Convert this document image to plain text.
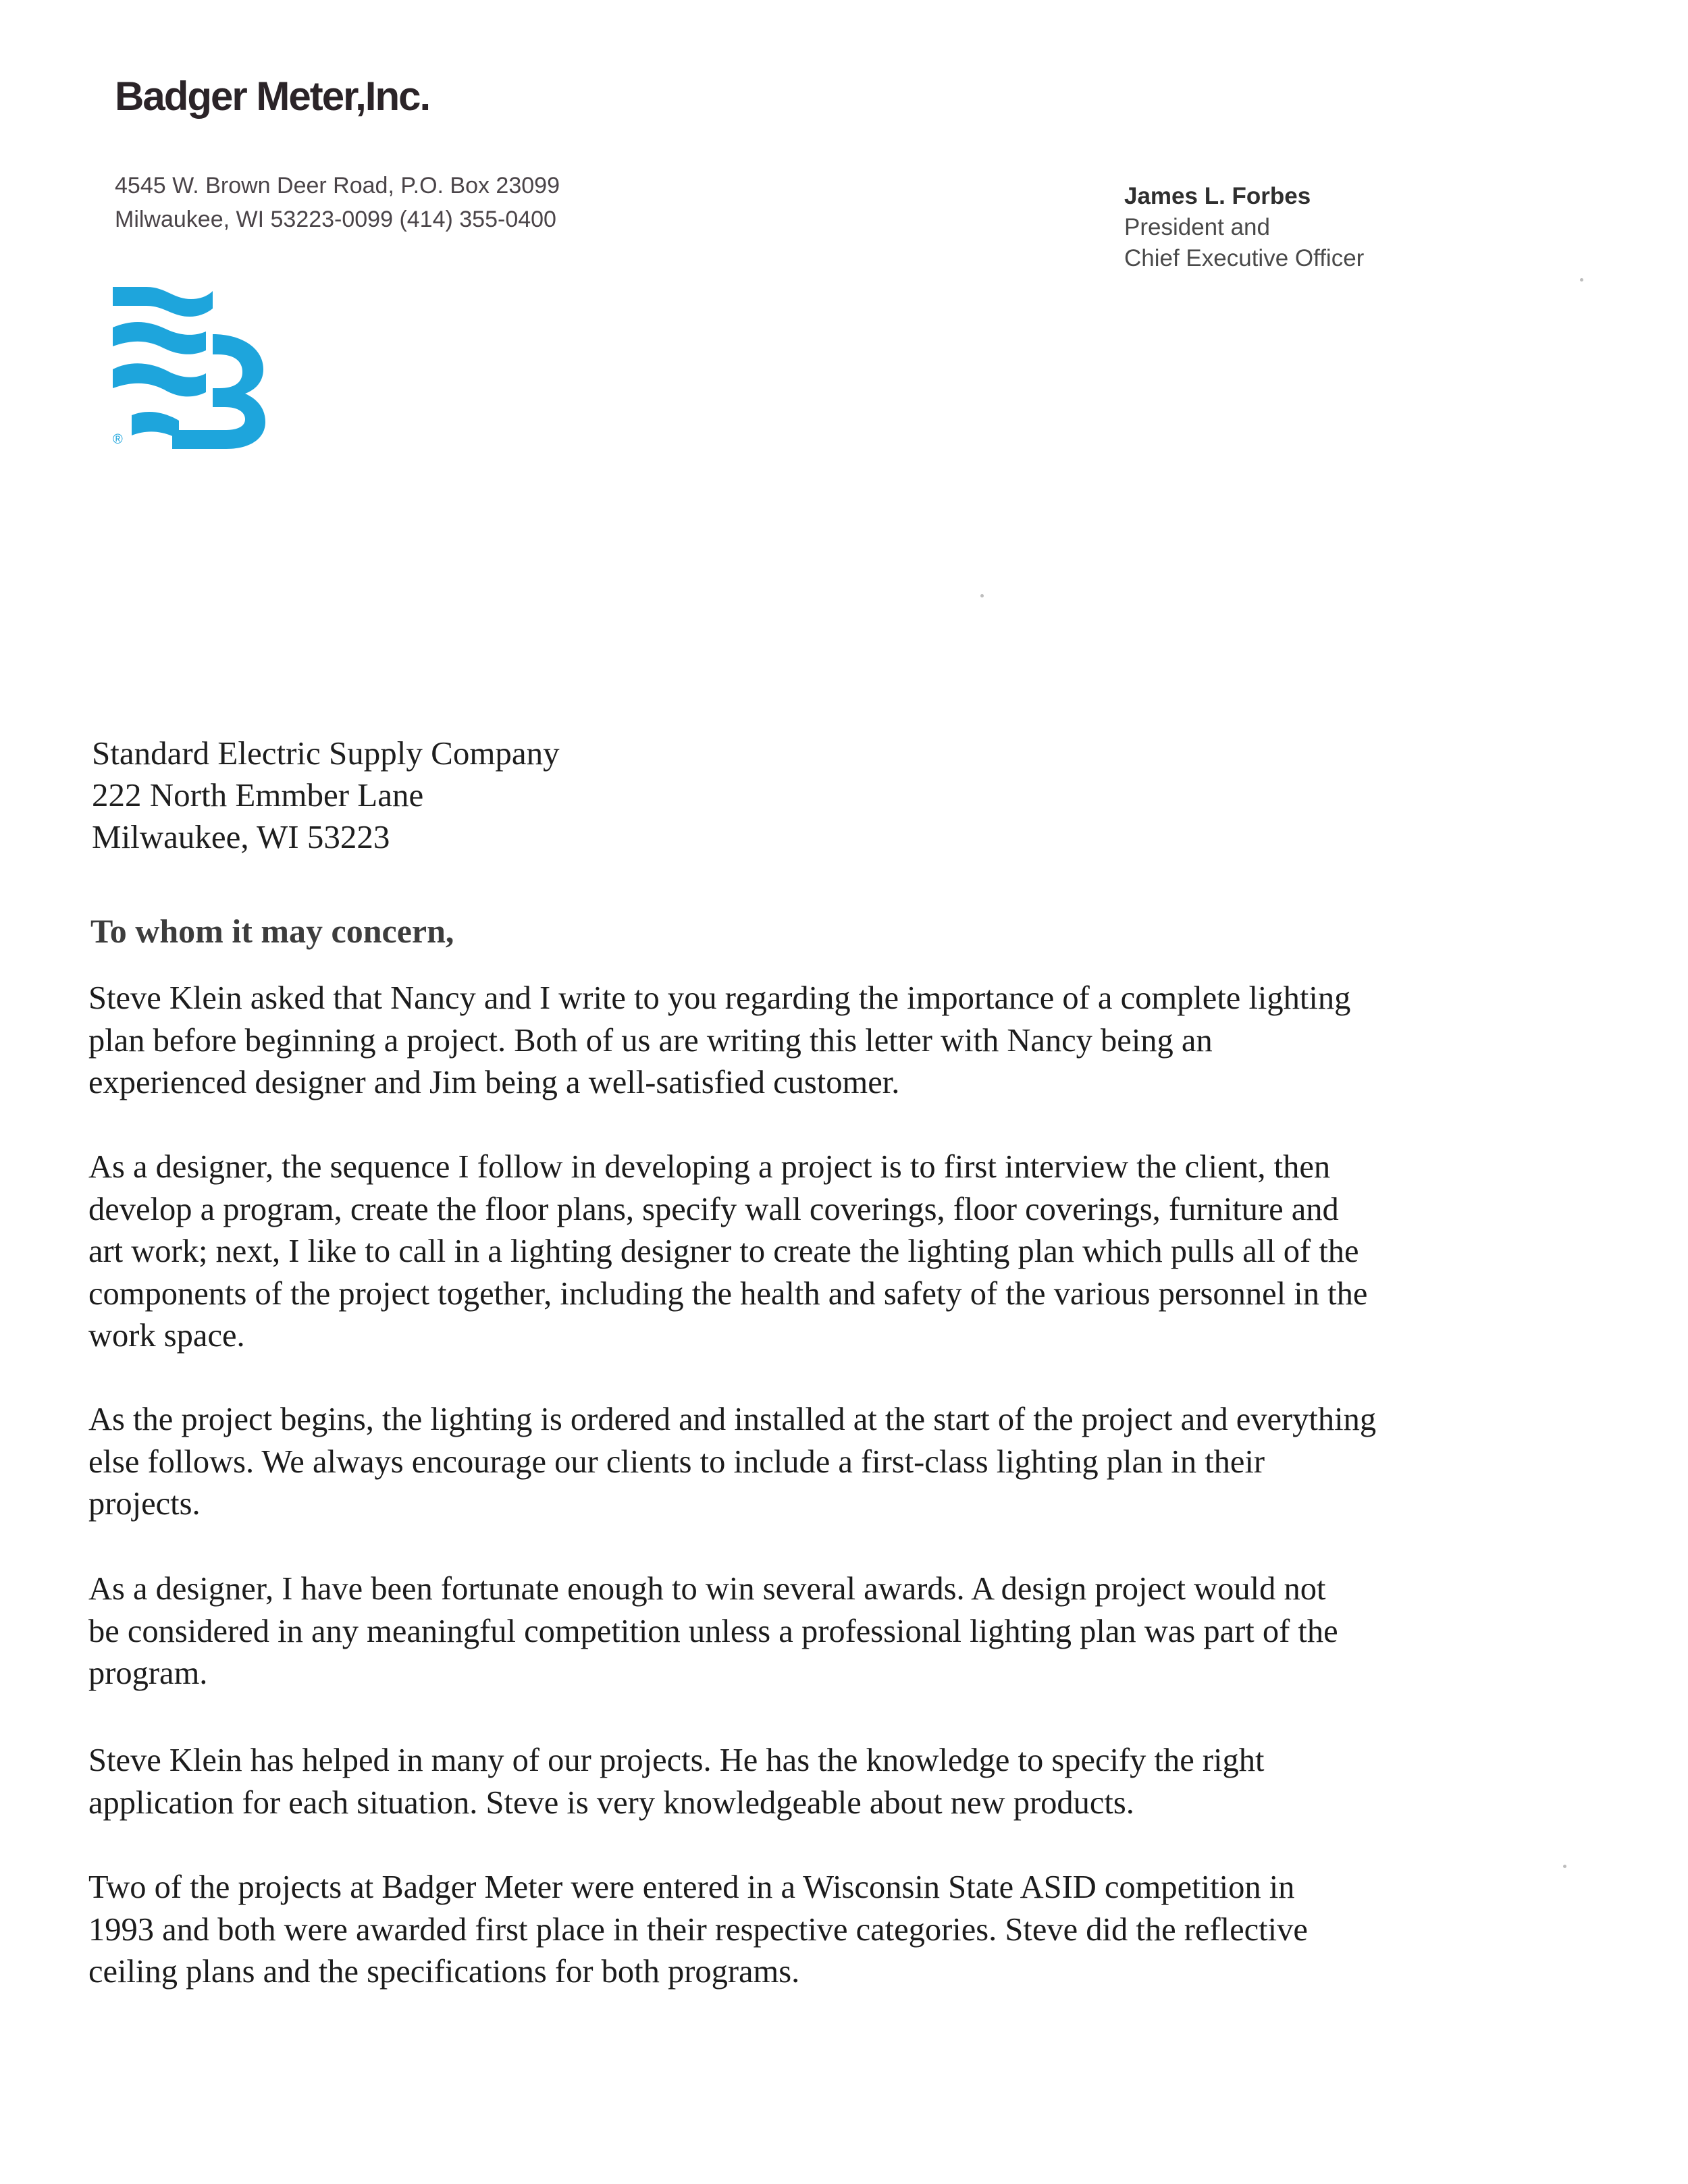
Badger Meter,Inc.
4545 W. Brown Deer Road, P.O. Box 23099
Milwaukee, WI 53223-0099 (414) 355-0400
James L. Forbes
President and
Chief Executive Officer
®
Standard Electric Supply Company
222 North Emmber Lane
Milwaukee, WI 53223
To whom it may concern,
Steve Klein asked that Nancy and I write to you regarding the importance of a complete lighting
plan before beginning a project. Both of us are writing this letter with Nancy being an
experienced designer and Jim being a well-satisfied customer.
As a designer, the sequence I follow in developing a project is to first interview the client, then
develop a program, create the floor plans, specify wall coverings, floor coverings, furniture and
art work; next, I like to call in a lighting designer to create the lighting plan which pulls all of the
components of the project together, including the health and safety of the various personnel in the
work space.
As the project begins, the lighting is ordered and installed at the start of the project and everything
else follows. We always encourage our clients to include a first-class lighting plan in their
projects.
As a designer, I have been fortunate enough to win several awards. A design project would not
be considered in any meaningful competition unless a professional lighting plan was part of the
program.
Steve Klein has helped in many of our projects. He has the knowledge to specify the right
application for each situation. Steve is very knowledgeable about new products.
Two of the projects at Badger Meter were entered in a Wisconsin State ASID competition in
1993 and both were awarded first place in their respective categories. Steve did the reflective
ceiling plans and the specifications for both programs.
